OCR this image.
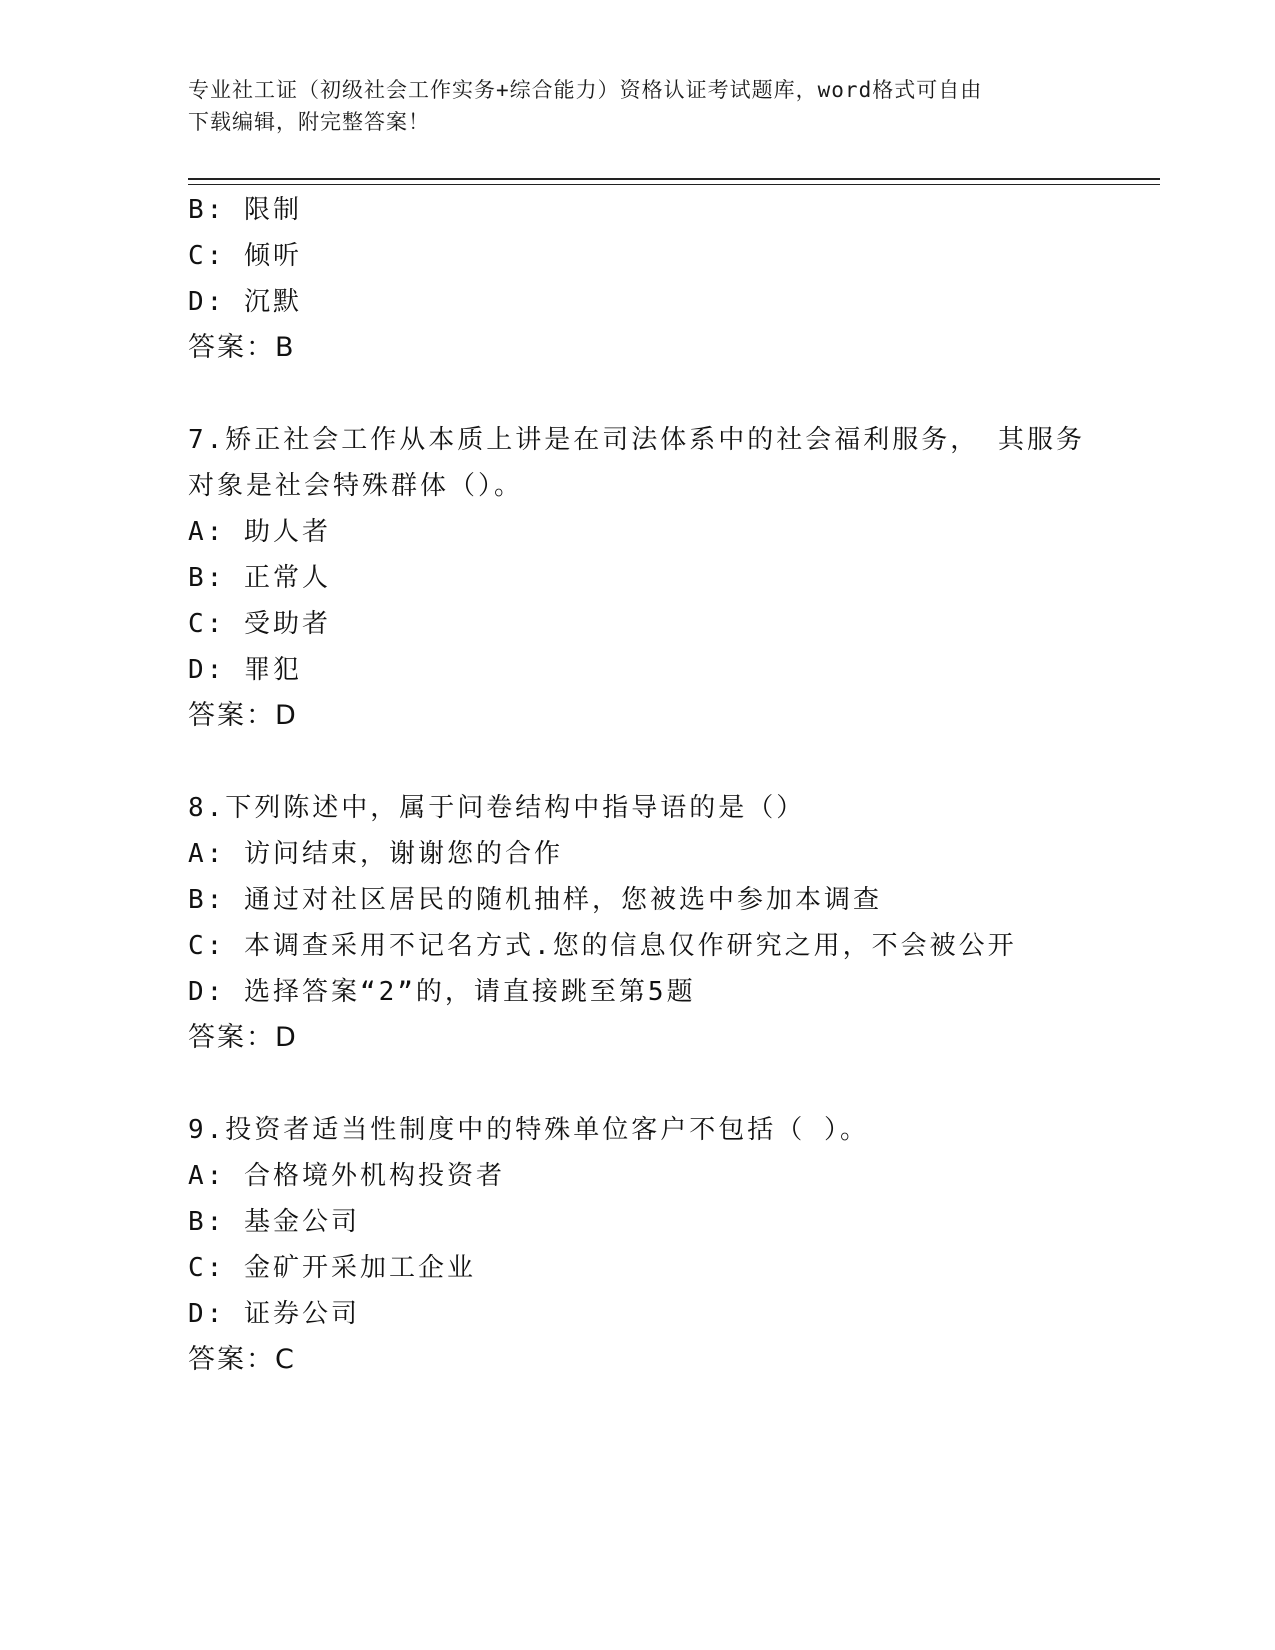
专业社工证（初级社会工作实务+综合能力）资格认证考试题库，word格式可自由
下载编辑，附完整答案！
B: 限制
C: 倾听
D: 沉默
答案：B
7.矫正社会工作从本质上讲是在司法体系中的社会福利服务， 其服务
对象是社会特殊群体（）。
A: 助人者
B: 正常人
C: 受助者
D: 罪犯
答案：D
8.下列陈述中，属于问卷结构中指导语的是（）
A: 访问结束，谢谢您的合作
B: 通过对社区居民的随机抽样，您被选中参加本调查
C: 本调查采用不记名方式.您的信息仅作研究之用，不会被公开
D: 选择答案“2”的，请直接跳至第5题
答案：D
9.投资者适当性制度中的特殊单位客户不包括（ ）。
A: 合格境外机构投资者
B: 基金公司
C: 金矿开采加工企业
D: 证券公司
答案：C
